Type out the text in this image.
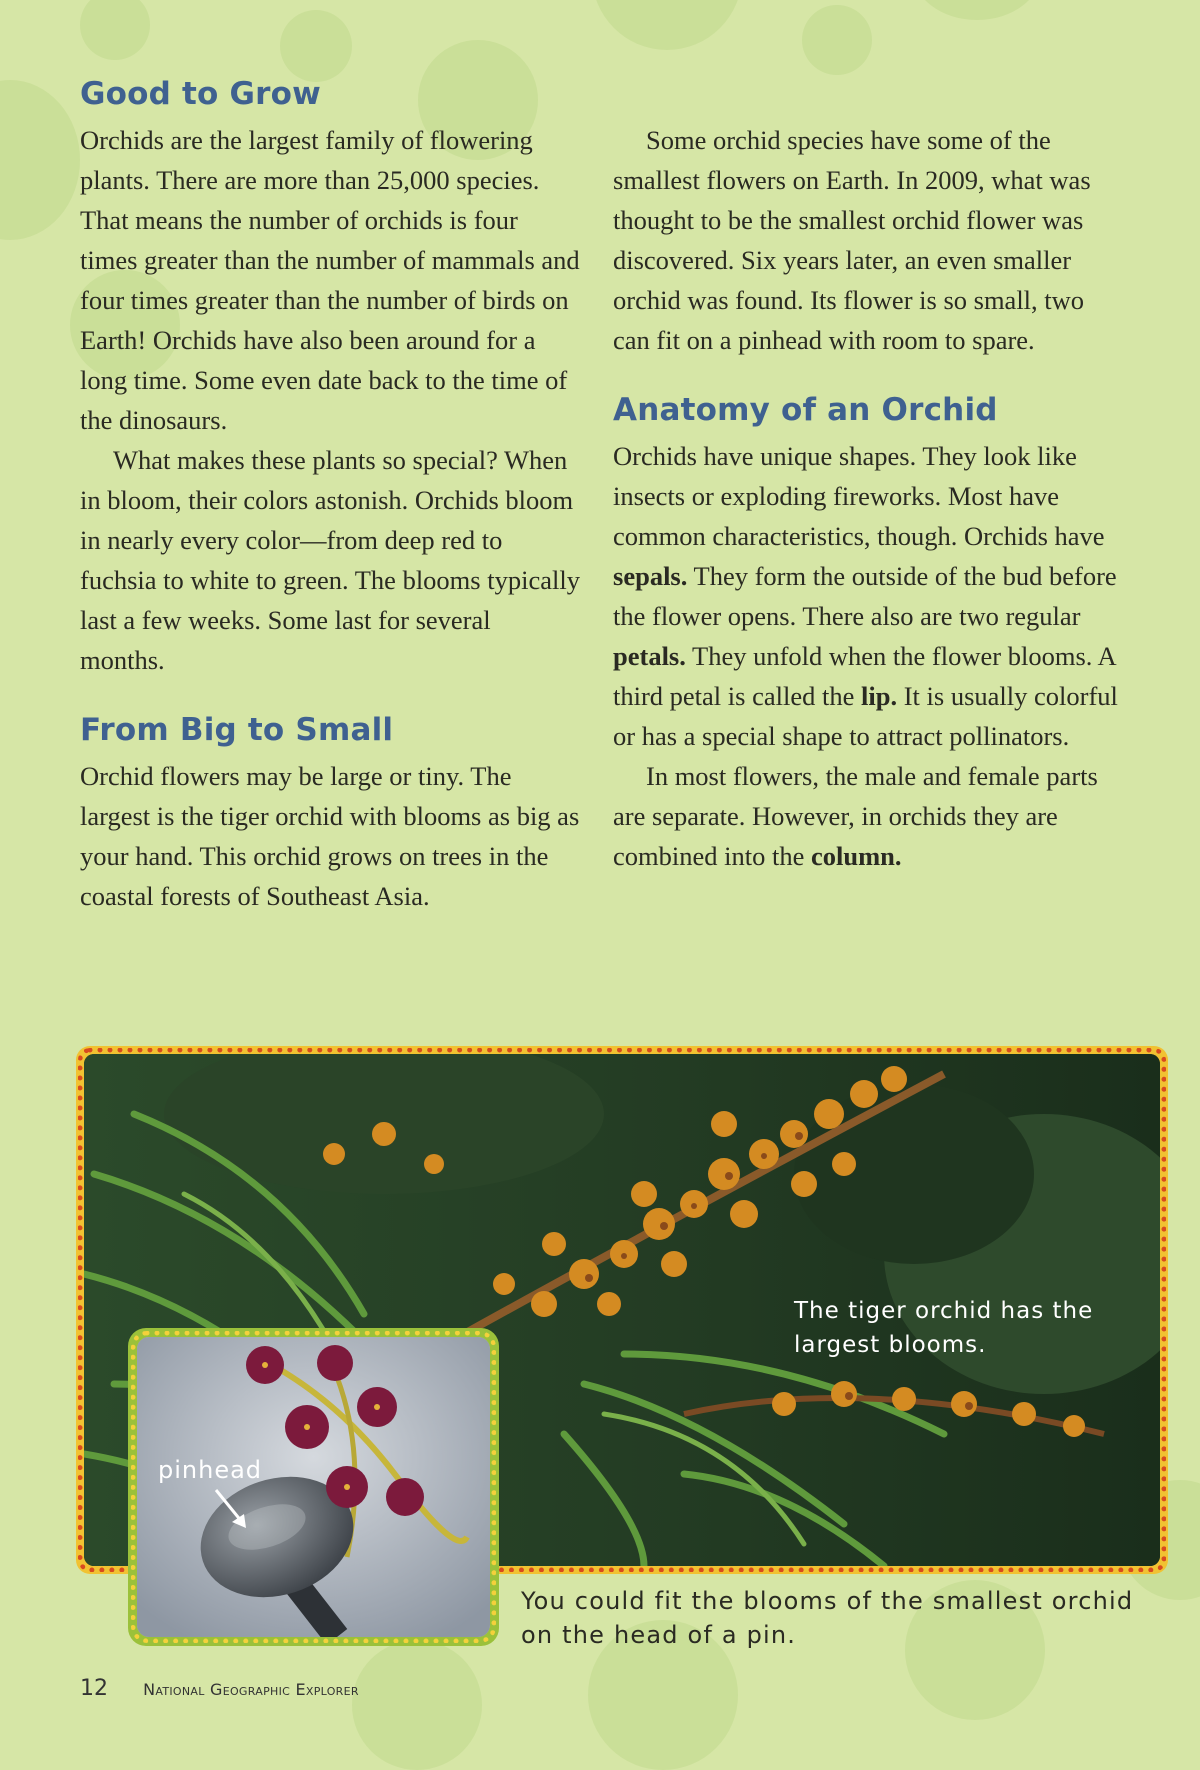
Good to Grow

Orchids are the largest family of flowering plants. There are more than 25,000 species. That means the number of orchids is four times greater than the number of mammals and four times greater than the number of birds on Earth! Orchids have also been around for a long time. Some even date back to the time of the dinosaurs.

What makes these plants so special? When in bloom, their colors astonish. Orchids bloom in nearly every color—from deep red to fuchsia to white to green. The blooms typically last a few weeks. Some last for several months.

From Big to Small

Orchid flowers may be large or tiny. The largest is the tiger orchid with blooms as big as your hand. This orchid grows on trees in the coastal forests of Southeast Asia.

Some orchid species have some of the smallest flowers on Earth. In 2009, what was thought to be the smallest orchid flower was discovered. Six years later, an even smaller orchid was found. Its flower is so small, two can fit on a pinhead with room to spare.

Anatomy of an Orchid

Orchids have unique shapes. They look like insects or exploding fireworks. Most have common characteristics, though. Orchids have sepals. They form the outside of the bud before the flower opens. There also are two regular petals. They unfold when the flower blooms. A third petal is called the lip. It is usually colorful or has a special shape to attract pollinators.

In most flowers, the male and female parts are separate. However, in orchids they are combined into the column.

The tiger orchid has the largest blooms.
pinhead
You could fit the blooms of the smallest orchid on the head of a pin.
12 National Geographic Explorer
